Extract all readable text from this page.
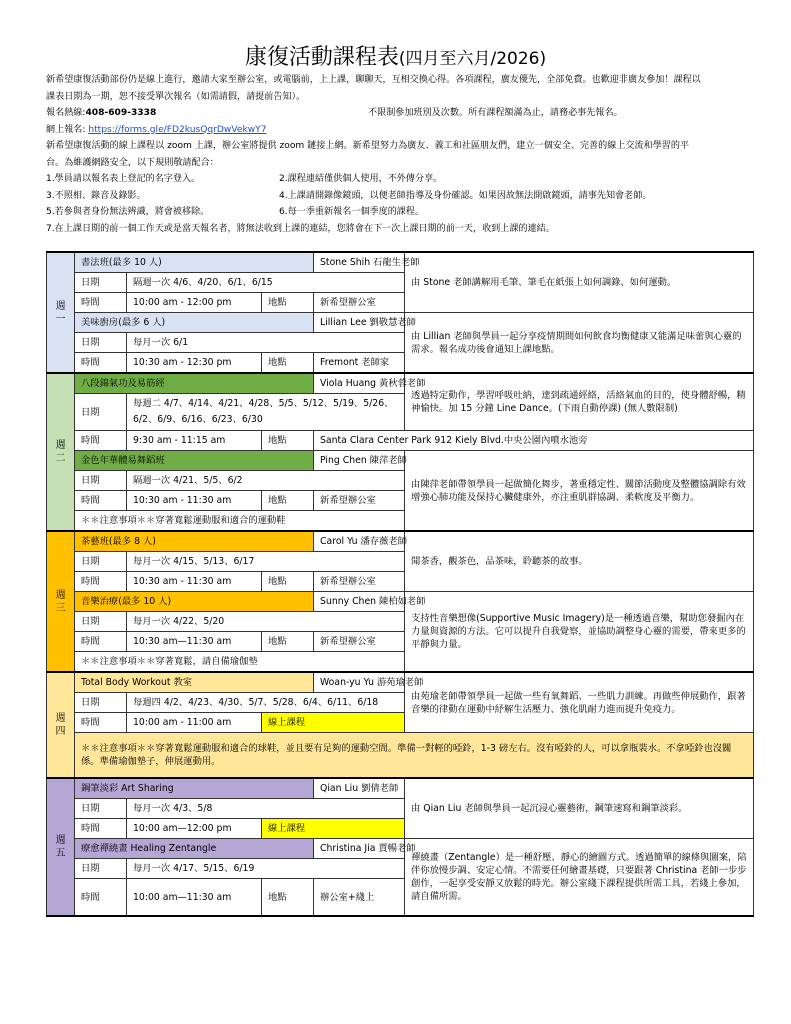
康復活動課程表(四月至六月/2026)
新希望康復活動部份仍是線上進行，邀請大家至辦公室，或電腦前，上上課，聊聊天，互相交換心得。各項課程，廣友優先，全部免費。也歡迎非廣友參加！課程以
課表日期為一期，恕不接受單次報名（如需請假，請提前告知）。
報名熱線:408-609-3338	不限制參加班別及次數。所有課程額滿為止，請務必事先報名。
網上報名: https://forms.gle/FD2kusQqrDwVekwY7
新希望康復活動的線上課程以 zoom 上課，辦公室將提供 zoom 鏈接上網。新希望努力為廣友、義工和社區朋友們，建立一個安全、完善的線上交流和學習的平
台。為維護網路安全，以下規則敬請配合：
1.學員請以報名表上登記的名字登入。	2.課程連結僅供個人使用，不外傳分享。
3.不照相、錄音及錄影。	4.上課請開錄像鏡頭，以便老師指導及身份確認。如果因故無法開啟鏡頭，請事先知會老師。
5.若參與者身份無法辨識，將會被移除。	6.每一季重新報名一個季度的課程。
7.在上課日期的前一個工作天或是當天報名者，將無法收到上課的連結，您將會在下一次上課日期的前一天，收到上課的連結。
週
一	書法班(最多 10 人)			Stone Shih 石龍生老師	由 Stone 老師講解用毛筆、筆毛在紙張上如何調錄、如何運動。
	日期	隔週一次 4/6、4/20、6/1、6/15			
	時間	10:00 am - 12:00 pm	地點	新希望辦公室	
	美味廚房(最多 6 人)			Lillian Lee 劉敬慧老師	由 Lillian 老師與學員一起分享疫情期間如何飲食均衡健康又能滿足味蕾與心靈的需求。報名成功後會通知上課地點。
	日期	每月一次 6/1			
	時間	10:30 am - 12:30 pm	地點	Fremont 老師家	
週
二	八段錦氣功及易筋經			Viola Huang 黃秋蓉老師	透過特定動作，學習呼吸吐納，達到疏通經絡，活絡氣血的目的，使身體舒暢，精神愉快。加 15 分鐘 Line Dance。(下雨自動停課) (無人數限制)
	日期	每週二 4/7、4/14、4/21、4/28、5/5、5/12、5/19、5/26、6/2、6/9、6/16、6/23、6/30			
	時間	9:30 am - 11:15 am	地點	Santa Clara Center Park 912 Kiely Blvd.中央公園內噴水池旁	
	金色年華體易舞蹈班			Ping Chen 陳萍老師	由陳萍老師帶領學員一起做簡化舞步，著重穩定性、關節活動度及整體協調除有效增強心肺功能及保持心臟健康外，亦注重肌群協調、柔軟度及平衡力。
	日期	隔週一次 4/21、5/5、6/2			
	時間	10:30 am - 11:30 am	地點	新希望辦公室	
	＊＊注意事項＊＊穿著寬鬆運動服和適合的運動鞋				
週
三	茶藝班(最多 8 人)			Carol Yu 潘存薇老師	聞茶香，觀茶色，品茶味，聆聽茶的故事。
	日期	每月一次 4/15、5/13、6/17			
	時間	10:30 am - 11:30 am	地點	新希望辦公室	
	音樂治療(最多 10 人)			Sunny Chen 陳柏如老師	支持性音樂想像(Supportive Music Imagery)是一種透過音樂，幫助您發掘內在力量與資源的方法。它可以提升自我覺察，並協助調整身心靈的需要，帶來更多的平靜與力量。
	日期	每月一次 4/22、5/20			
	時間	10:30 am—11:30 am	地點	新希望辦公室	
	＊＊注意事項＊＊穿著寬鬆，請自備瑜伽墊				
週
四	Total Body Workout 教室			Woan-yu Yu 游苑瑜老師	由苑瑜老師帶領學員一起做一些有氧舞蹈、一些肌力訓練。再做些伸展動作，跟著音樂的律動在運動中紓解生活壓力、強化肌耐力進而提升免疫力。
	日期	每週四 4/2、4/23、4/30、5/7、5/28、6/4、6/11、6/18			
	時間	10:00 am - 11:00 am	線上課程		
	＊＊注意事項＊＊穿著寬鬆運動服和適合的球鞋，並且要有足夠的運動空間。準備一對輕的啞鈴，1-3 磅左右。沒有啞鈴的人，可以拿瓶裝水。不拿啞鈴也沒關係。準備瑜伽墊子，伸展運動用。				
週
五	鋼筆淡彩 Art Sharing			Qian Liu 劉倩老師	由 Qian Liu 老師與學員一起沉浸心靈藝術，鋼筆速寫和鋼筆淡彩。
	日期	每月一次 4/3、5/8			
	時間	10:00 am—12:00 pm	線上課程		
	療愈禪繞畫 Healing Zentangle			Christina Jia 賈暢老師	禪繞畫（Zentangle）是一種舒壓、靜心的繪圖方式。透過簡單的線條與圖案，陪伴你放慢步調、安定心情。不需要任何繪畫基礎，只要跟著 Christina 老師一步步創作，一起享受安靜又放鬆的時光。辦公室綫下課程提供所需工具，若綫上參加，請自備所需。
	日期	每月一次 4/17、5/15、6/19			
	時間	10:00 am—11:30 am	地點	辦公室+綫上	
